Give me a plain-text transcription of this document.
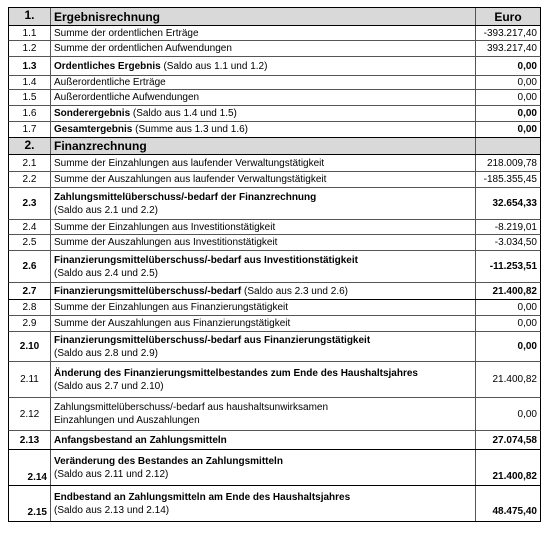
1.	Ergebnisrechnung	Euro
1.1	Summe der ordentlichen Erträge	-393.217,40
1.2	Summe der ordentlichen Aufwendungen	393.217,40
1.3	Ordentliches Ergebnis (Saldo aus 1.1 und 1.2)	0,00
1.4	Außerordentliche Erträge	0,00
1.5	Außerordentliche Aufwendungen	0,00
1.6	Sonderergebnis (Saldo aus 1.4 und 1.5)	0,00
1.7	Gesamtergebnis (Summe aus 1.3 und 1.6)	0,00
2.	Finanzrechnung
2.1	Summe der Einzahlungen aus laufender Verwaltungstätigkeit	218.009,78
2.2	Summe der Auszahlungen aus laufender Verwaltungstätigkeit	-185.355,45
2.3
Zahlungsmittelüberschuss/-bedarf der Finanzrechnung
(Saldo aus 2.1 und 2.2)
32.654,33
2.4	Summe der Einzahlungen aus Investitionstätigkeit	-8.219,01
2.5	Summe der Auszahlungen aus Investitionstätigkeit	-3.034,50
2.6
Finanzierungsmittelüberschuss/-bedarf aus Investitionstätigkeit
(Saldo aus 2.4 und 2.5)
-11.253,51
2.7	Finanzierungsmittelüberschuss/-bedarf (Saldo aus 2.3 und 2.6)	21.400,82
2.8	Summe der Einzahlungen aus Finanzierungstätigkeit	0,00
2.9	Summe der Auszahlungen aus Finanzierungstätigkeit	0,00
2.10
Finanzierungsmittelüberschuss/-bedarf aus Finanzierungstätigkeit
(Saldo aus 2.8 und 2.9)
0,00
2.11
Änderung des Finanzierungsmittelbestandes zum Ende des Haushaltsjahres
(Saldo aus 2.7 und 2.10)
21.400,82
2.12
Zahlungsmittelüberschuss/-bedarf aus haushaltsunwirksamen
Einzahlungen und Auszahlungen
0,00
2.13	Anfangsbestand an Zahlungsmitteln	27.074,58
2.14
Veränderung des Bestandes an Zahlungsmitteln
(Saldo aus 2.11 und 2.12)	21.400,82
2.15
Endbestand an Zahlungsmitteln am Ende des Haushaltsjahres
(Saldo aus 2.13 und 2.14)	48.475,40
